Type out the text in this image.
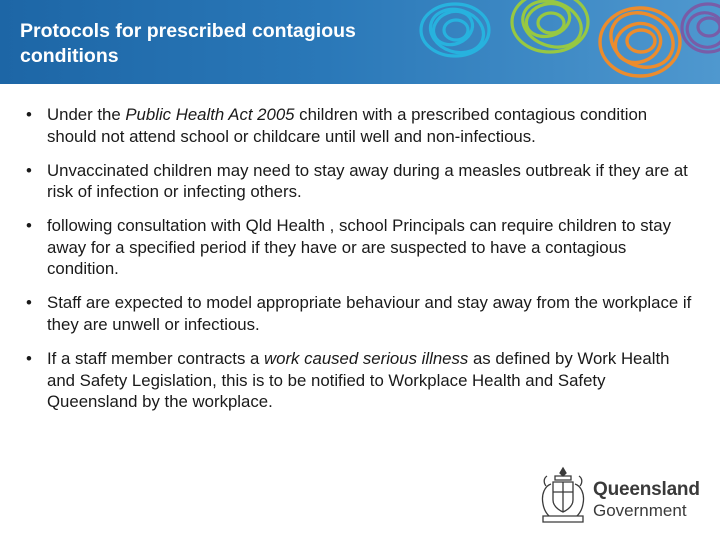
Protocols for prescribed contagious
conditions
• Under the Public Health Act 2005 children with a prescribed contagious condition should not attend school or childcare until well and non-infectious.
• Unvaccinated children may need to stay away during a measles outbreak if they are at risk of infection or infecting others.
• following consultation with Qld Health , school Principals can require children to stay away for a specified period if they have or are suspected to have a contagious condition.
• Staff are expected to model appropriate behaviour and stay away from the workplace if they are unwell or infectious.
• If a staff member contracts a work caused serious illness as defined by Work Health and Safety Legislation, this is to be notified to Workplace Health and Safety Queensland by the workplace.
Queensland
Government
